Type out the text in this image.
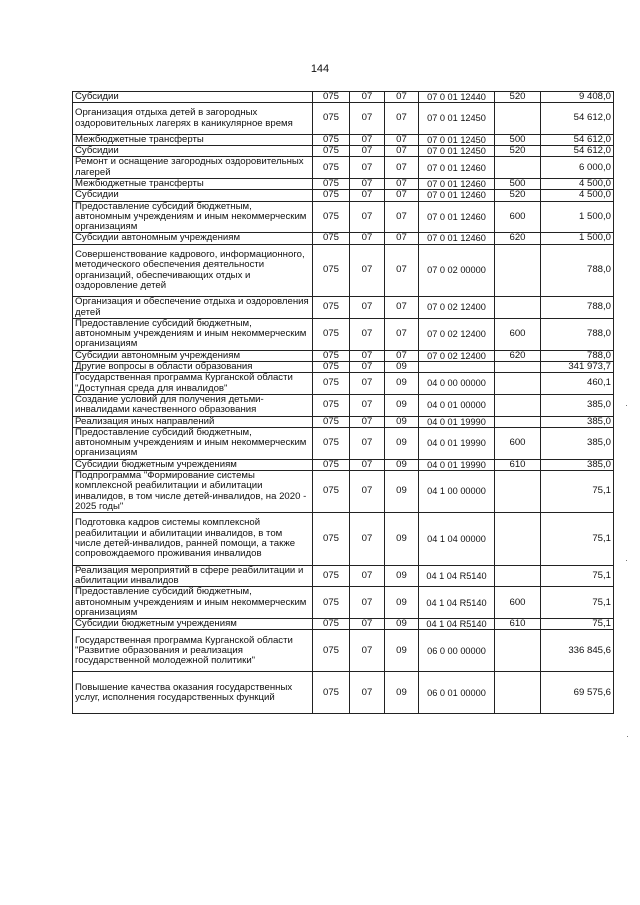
144
Субсидии	075	07	07	07 0 01 12440	520	9 408,0
Организация отдыха детей в загородных оздоровительных лагерях в каникулярное время	075	07	07	07 0 01 12450		54 612,0
Межбюджетные трансферты	075	07	07	07 0 01 12450	500	54 612,0
Субсидии	075	07	07	07 0 01 12450	520	54 612,0
Ремонт и оснащение загородных оздоровительных лагерей	075	07	07	07 0 01 12460		6 000,0
Межбюджетные трансферты	075	07	07	07 0 01 12460	500	4 500,0
Субсидии	075	07	07	07 0 01 12460	520	4 500,0
Предоставление субсидий бюджетным, автономным учреждениям и иным некоммерческим организациям	075	07	07	07 0 01 12460	600	1 500,0
Субсидии автономным учреждениям	075	07	07	07 0 01 12460	620	1 500,0
Совершенствование кадрового, информационного, методического обеспечения деятельности организаций, обеспечивающих отдых и оздоровление детей	075	07	07	07 0 02 00000		788,0
Организация и обеспечение отдыха и оздоровления детей	075	07	07	07 0 02 12400		788,0
Предоставление субсидий бюджетным, автономным учреждениям и иным некоммерческим организациям	075	07	07	07 0 02 12400	600	788,0
Субсидии автономным учреждениям	075	07	07	07 0 02 12400	620	788,0
Другие вопросы в области образования	075	07	09			341 973,7
Государственная программа Курганской области "Доступная среда для инвалидов"	075	07	09	04 0 00 00000		460,1
Создание условий для получения детьми-инвалидами качественного образования	075	07	09	04 0 01 00000		385,0
Реализация иных направлений	075	07	09	04 0 01 19990		385,0
Предоставление субсидий бюджетным, автономным учреждениям и иным некоммерческим организациям	075	07	09	04 0 01 19990	600	385,0
Субсидии бюджетным учреждениям	075	07	09	04 0 01 19990	610	385,0
Подпрограмма "Формирование системы комплексной реабилитации и абилитации инвалидов, в том числе детей-инвалидов, на 2020 - 2025 годы"	075	07	09	04 1 00 00000		75,1
Подготовка кадров системы комплексной реабилитации и абилитации инвалидов, в том числе детей-инвалидов, ранней помощи, а также сопровождаемого проживания инвалидов	075	07	09	04 1 04 00000		75,1
Реализация мероприятий в сфере реабилитации и абилитации инвалидов	075	07	09	04 1 04 R5140		75,1
Предоставление субсидий бюджетным, автономным учреждениям и иным некоммерческим организациям	075	07	09	04 1 04 R5140	600	75,1
Субсидии бюджетным учреждениям	075	07	09	04 1 04 R5140	610	75,1
Государственная программа Курганской области "Развитие образования и реализация государственной молодежной политики"	075	07	09	06 0 00 00000		336 845,6
Повышение качества оказания государственных услуг, исполнения государственных функций	075	07	09	06 0 01 00000		69 575,6
